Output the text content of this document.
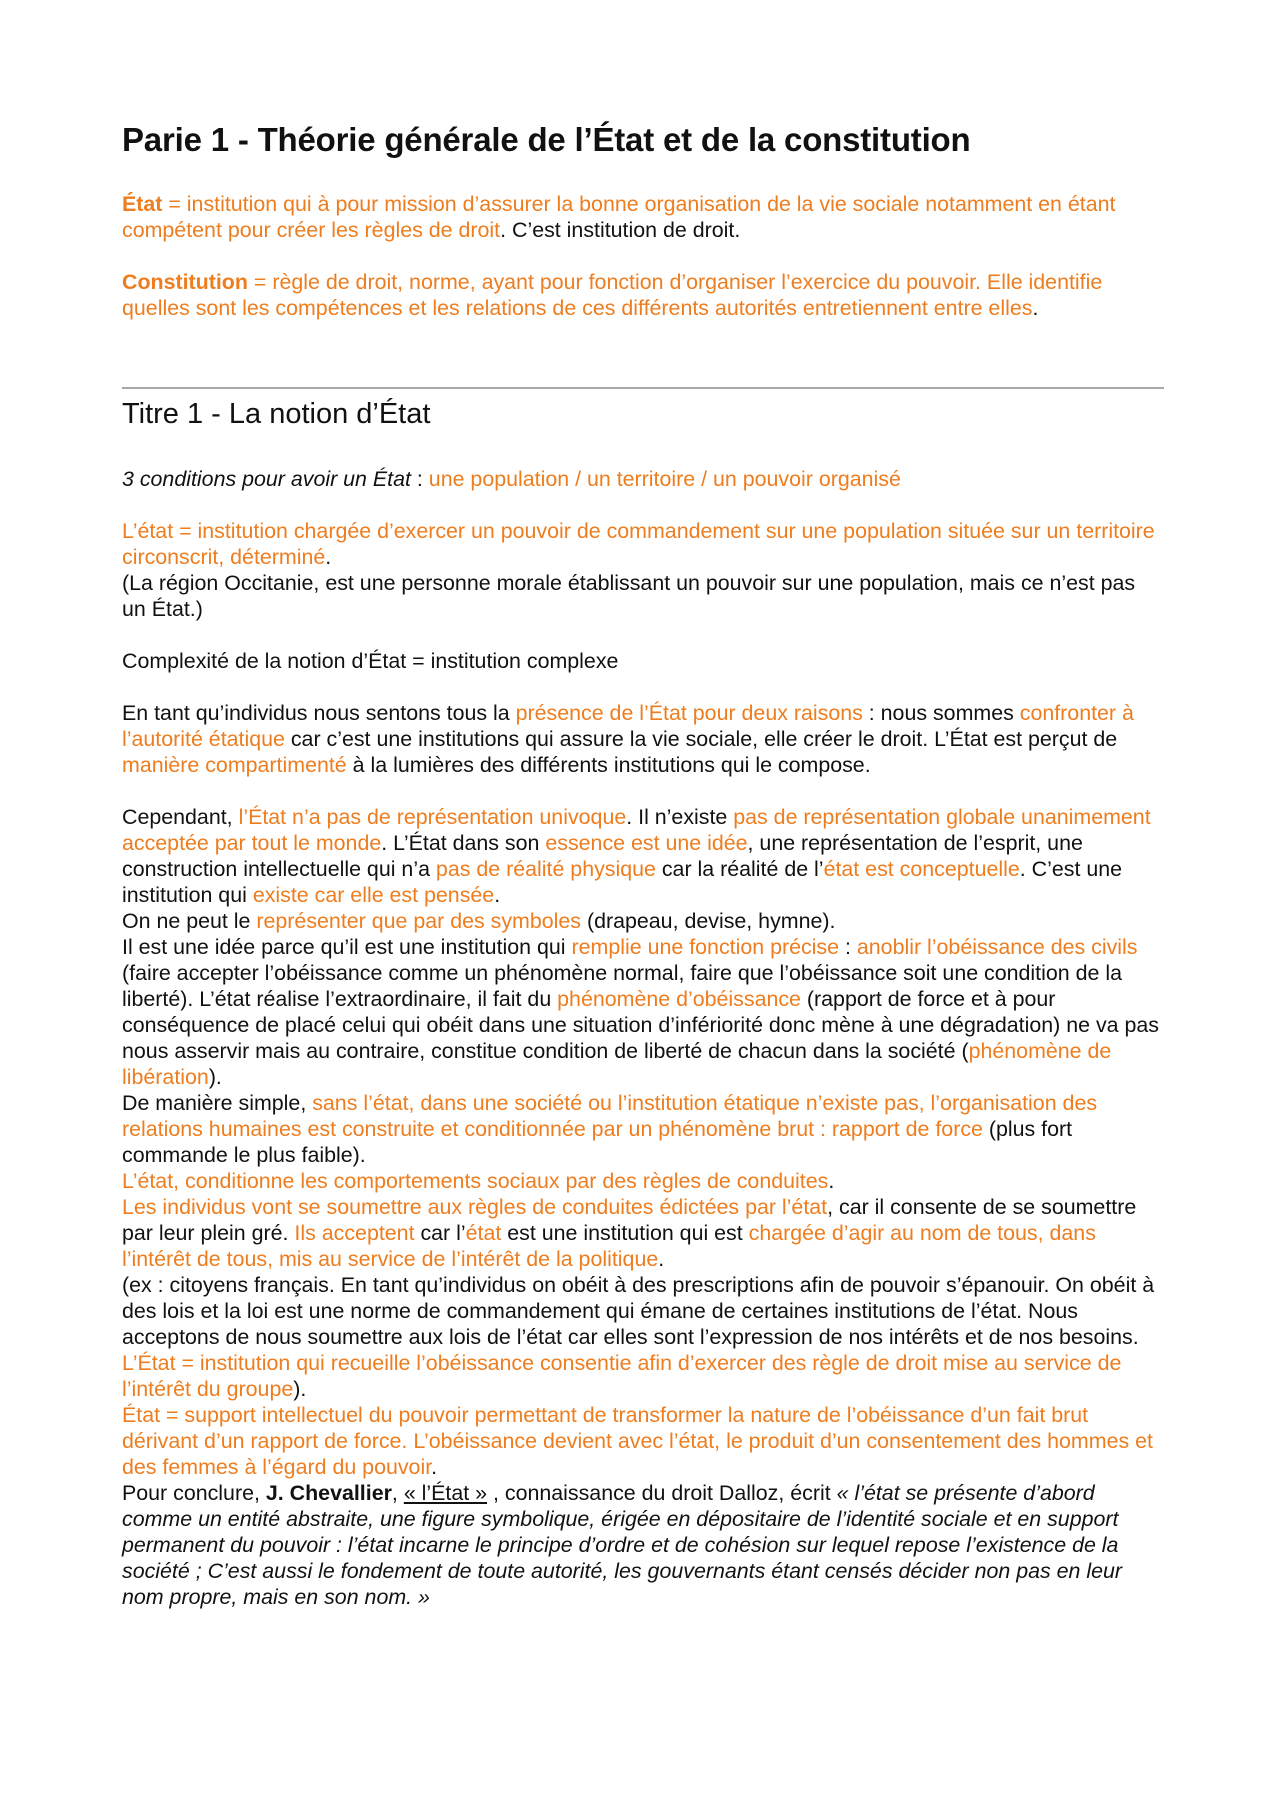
Parie 1 - Théorie générale de l’État et de la constitution

État = institution qui à pour mission d’assurer la bonne organisation de la vie sociale notamment en étant compétent pour créer les règles de droit. C’est institution de droit.

Constitution = règle de droit, norme, ayant pour fonction d’organiser l’exercice du pouvoir. Elle identifie quelles sont les compétences et les relations de ces différents autorités entretiennent entre elles.

Titre 1 - La notion d’État

3 conditions pour avoir un État : une population / un territoire / un pouvoir organisé

L’état = institution chargée d’exercer un pouvoir de commandement sur une population située sur un territoire circonscrit, déterminé.
(La région Occitanie, est une personne morale établissant un pouvoir sur une population, mais ce n’est pas un État.)

Complexité de la notion d’État = institution complexe

En tant qu’individus nous sentons tous la présence de l’État pour deux raisons : nous sommes confronter à l’autorité étatique car c’est une institutions qui assure la vie sociale, elle créer le droit. L’État est perçut de manière compartimenté à la lumières des différents institutions qui le compose.

Cependant, l’État n’a pas de représentation univoque. Il n’existe pas de représentation globale unanimement acceptée par tout le monde. L’État dans son essence est une idée, une représentation de l’esprit, une construction intellectuelle qui n’a pas de réalité physique car la réalité de l’état est conceptuelle. C’est une institution qui existe car elle est pensée.
On ne peut le représenter que par des symboles (drapeau, devise, hymne).
Il est une idée parce qu’il est une institution qui remplie une fonction précise : anoblir l’obéissance des civils (faire accepter l’obéissance comme un phénomène normal, faire que l’obéissance soit une condition de la liberté). L’état réalise l’extraordinaire, il fait du phénomène d’obéissance (rapport de force et à pour conséquence de placé celui qui obéit dans une situation d’infériorité donc mène à une dégradation) ne va pas nous asservir mais au contraire, constitue condition de liberté de chacun dans la société (phénomène de libération).
De manière simple, sans l’état, dans une société ou l’institution étatique n’existe pas, l’organisation des relations humaines est construite et conditionnée par un phénomène brut : rapport de force (plus fort commande le plus faible).
L’état, conditionne les comportements sociaux par des règles de conduites.
Les individus vont se soumettre aux règles de conduites édictées par l’état, car il consente de se soumettre par leur plein gré. Ils acceptent car l’état est une institution qui est chargée d’agir au nom de tous, dans l’intérêt de tous, mis au service de l’intérêt de la politique.
(ex : citoyens français. En tant qu’individus on obéit à des prescriptions afin de pouvoir s’épanouir. On obéit à des lois et la loi est une norme de commandement qui émane de certaines institutions de l’état. Nous acceptons de nous soumettre aux lois de l’état car elles sont l’expression de nos intérêts et de nos besoins. L’État = institution qui recueille l’obéissance consentie afin d’exercer des règle de droit mise au service de l’intérêt du groupe).
État = support intellectuel du pouvoir permettant de transformer la nature de l’obéissance d’un fait brut dérivant d’un rapport de force. L’obéissance devient avec l’état, le produit d’un consentement des hommes et des femmes à l’égard du pouvoir.
Pour conclure, J. Chevallier, « l’État » , connaissance du droit Dalloz, écrit « l’état se présente d’abord comme un entité abstraite, une figure symbolique, érigée en dépositaire de l’identité sociale et en support permanent du pouvoir : l’état incarne le principe d’ordre et de cohésion sur lequel repose l’existence de la société ; C’est aussi le fondement de toute autorité, les gouvernants étant censés décider non pas en leur nom propre, mais en son nom. »
